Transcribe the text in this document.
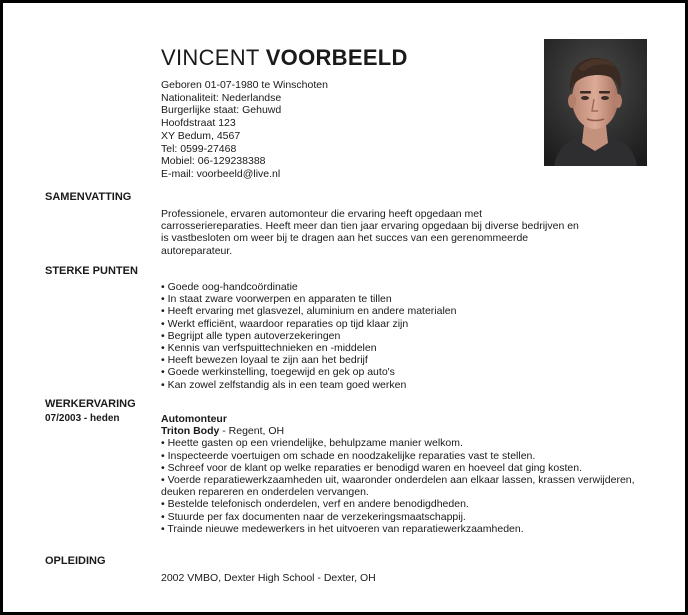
VINCENT VOORBEELD
Geboren 01-07-1980 te Winschoten
Nationaliteit: Nederlandse
Burgerlijke staat: Gehuwd
Hoofdstraat 123
XY Bedum, 4567
Tel: 0599-27468
Mobiel: 06-129238388
E-mail: voorbeeld@live.nl
SAMENVATTING
Professionele, ervaren automonteur die ervaring heeft opgedaan met
carrosseriereparaties. Heeft meer dan tien jaar ervaring opgedaan bij diverse bedrijven en
is vastbesloten om weer bij te dragen aan het succes van een gerenommeerde
autoreparateur.
STERKE PUNTEN
• Goede oog-handcoördinatie
• In staat zware voorwerpen en apparaten te tillen
• Heeft ervaring met glasvezel, aluminium en andere materialen
• Werkt efficiënt, waardoor reparaties op tijd klaar zijn
• Begrijpt alle typen autoverzekeringen
• Kennis van verfspuittechnieken en -middelen
• Heeft bewezen loyaal te zijn aan het bedrijf
• Goede werkinstelling, toegewijd en gek op auto's
• Kan zowel zelfstandig als in een team goed werken
WERKERVARING
07/2003 - heden	Automonteur
Triton Body - Regent, OH
• Heette gasten op een vriendelijke, behulpzame manier welkom.
• Inspecteerde voertuigen om schade en noodzakelijke reparaties vast te stellen.
• Schreef voor de klant op welke reparaties er benodigd waren en hoeveel dat ging kosten.
• Voerde reparatiewerkzaamheden uit, waaronder onderdelen aan elkaar lassen, krassen verwijderen, deuken repareren en onderdelen vervangen.
• Bestelde telefonisch onderdelen, verf en andere benodigdheden.
• Stuurde per fax documenten naar de verzekeringsmaatschappij.
• Trainde nieuwe medewerkers in het uitvoeren van reparatiewerkzaamheden.
OPLEIDING
2002 VMBO, Dexter High School - Dexter, OH
